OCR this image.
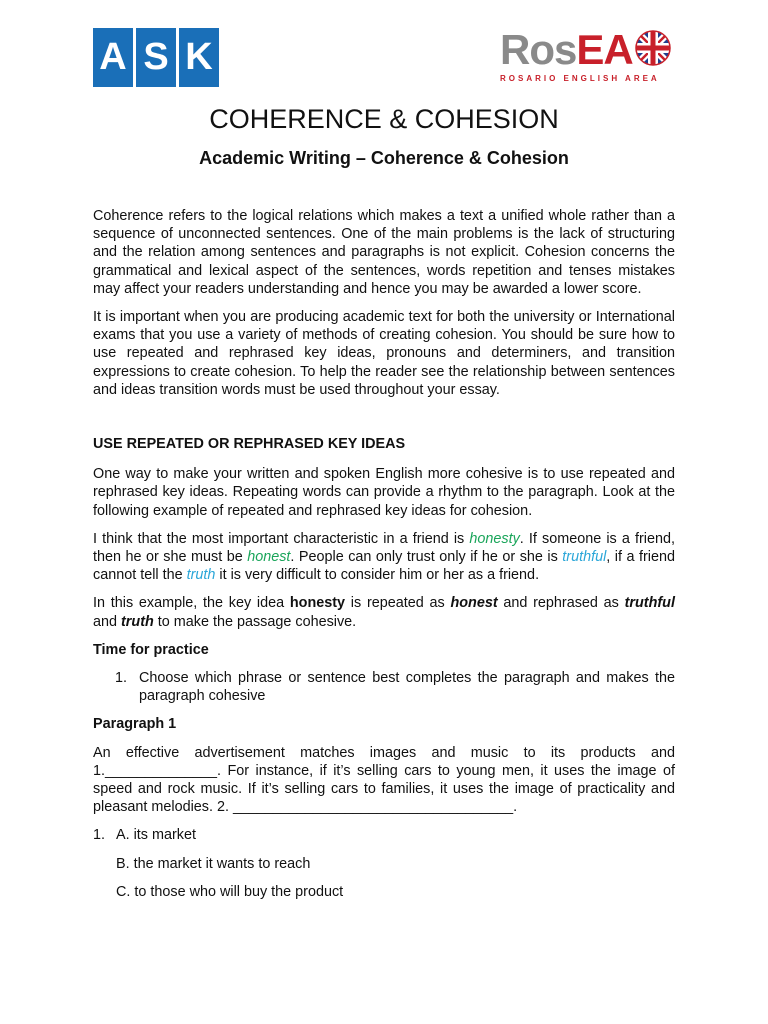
A S K	Ros EA
ROSARIO ENGLISH AREA
COHERENCE & COHESION
Academic Writing – Coherence & Cohesion

Coherence refers to the logical relations which makes a text a unified whole rather than a sequence of unconnected sentences. One of the main problems is the lack of structuring and the relation among sentences and paragraphs is not explicit. Cohesion concerns the grammatical and lexical aspect of the sentences, words repetition and tenses mistakes may affect your readers understanding and hence you may be awarded a lower score.

It is important when you are producing academic text for both the university or International exams that you use a variety of methods of creating cohesion. You should be sure how to use repeated and rephrased key ideas, pronouns and determiners, and transition expressions to create cohesion. To help the reader see the relationship between sentences and ideas transition words must be used throughout your essay.

USE REPEATED OR REPHRASED KEY IDEAS

One way to make your written and spoken English more cohesive is to use repeated and rephrased key ideas. Repeating words can provide a rhythm to the paragraph. Look at the following example of repeated and rephrased key ideas for cohesion.

I think that the most important characteristic in a friend is honesty. If someone is a friend, then he or she must be honest. People can only trust only if he or she is truthful, if a friend cannot tell the truth it is very difficult to consider him or her as a friend.

In this example, the key idea honesty is repeated as honest and rephrased as truthful and truth to make the passage cohesive.

Time for practice
1. Choose which phrase or sentence best completes the paragraph and makes the paragraph cohesive
Paragraph 1

An effective advertisement matches images and music to its products and 1.______________. For instance, if it’s selling cars to young men, it uses the image of speed and rock music. If it’s selling cars to families, it uses the image of practicality and pleasant melodies. 2. ___________________________________.

1. A. its market
B. the market it wants to reach
C. to those who will buy the product
